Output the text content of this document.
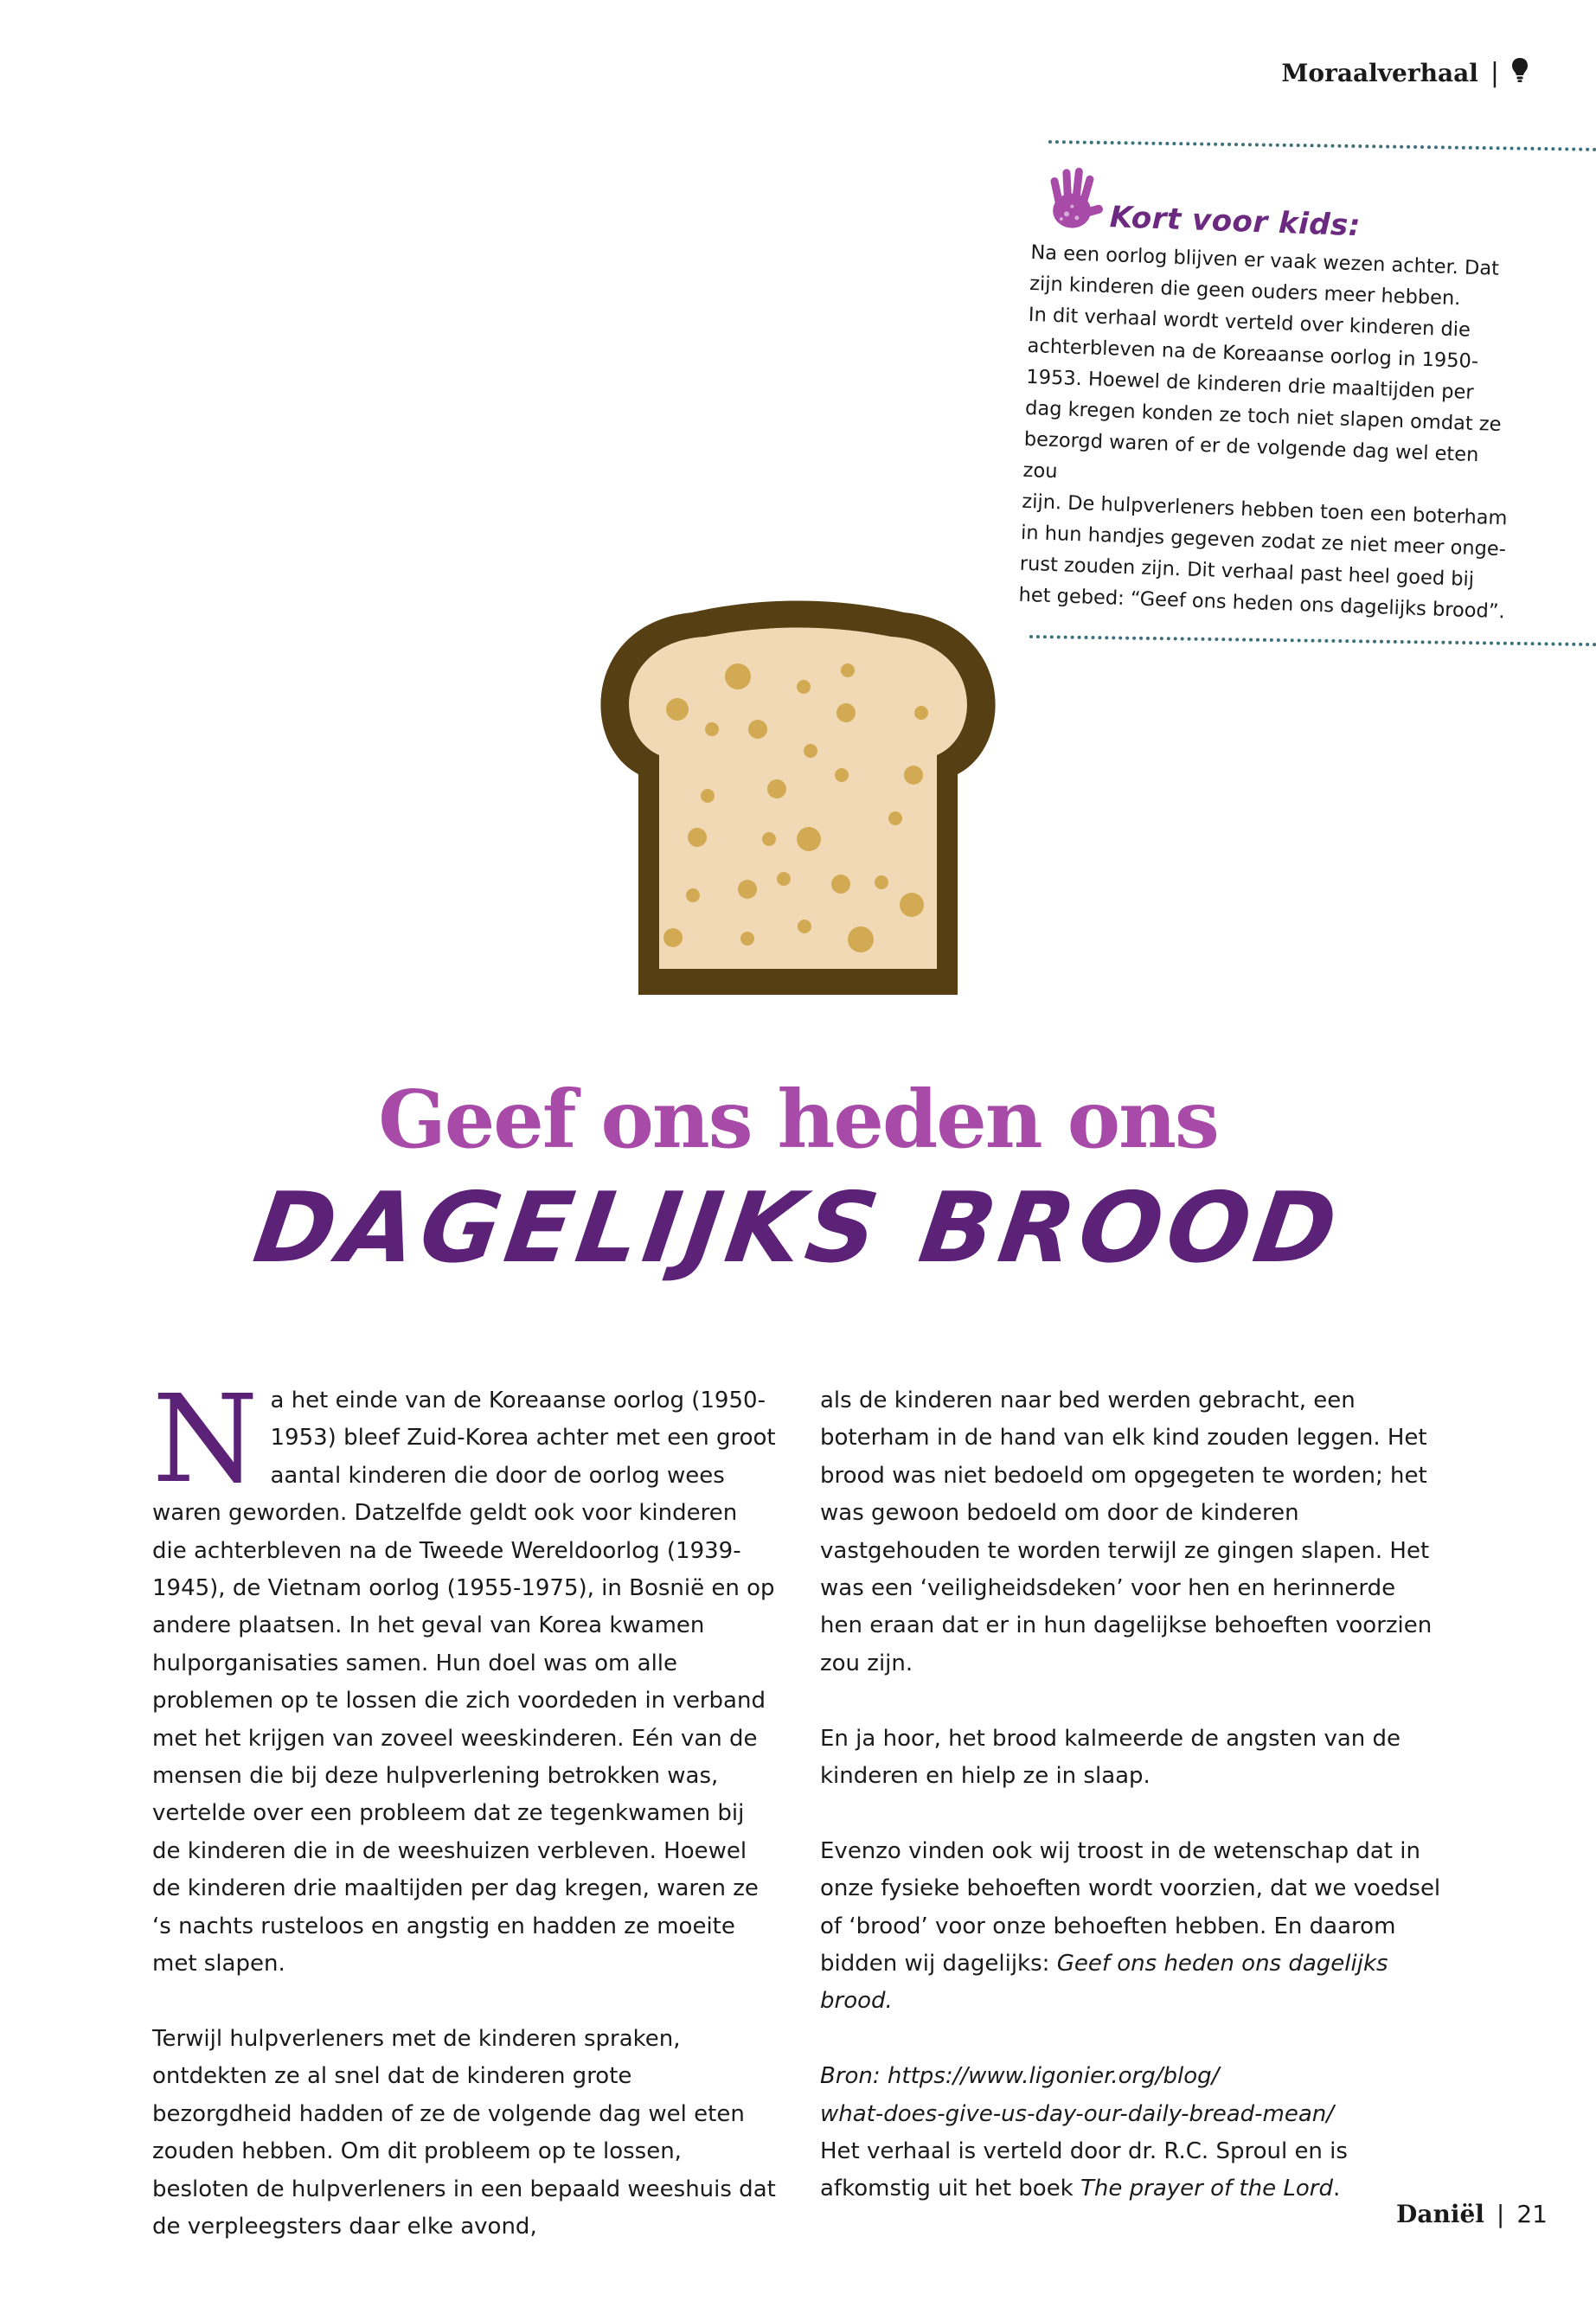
Moraalverhaal |
Kort voor kids:
Na een oorlog blijven er vaak wezen achter. Dat
zijn kinderen die geen ouders meer hebben.
In dit verhaal wordt verteld over kinderen die
achterbleven na de Koreaanse oorlog in 1950-
1953. Hoewel de kinderen drie maaltijden per
dag kregen konden ze toch niet slapen omdat ze
bezorgd waren of er de volgende dag wel eten zou
zijn. De hulpverleners hebben toen een boterham
in hun handjes gegeven zodat ze niet meer onge-
rust zouden zijn. Dit verhaal past heel goed bij
het gebed: “Geef ons heden ons dagelijks brood”.
Geef ons heden ons
DAGELIJKS BROOD

Na het einde van de Koreaanse oorlog (1950-1953) bleef Zuid-Korea achter met een groot aantal kinderen die door de oorlog wees waren geworden. Datzelfde geldt ook voor kinderen die achterbleven na de Tweede Wereldoorlog (1939-1945), de Vietnam oorlog (1955-1975), in Bosnië en op andere plaatsen. In het geval van Korea kwamen hulporganisaties samen. Hun doel was om alle problemen op te lossen die zich voordeden in verband met het krijgen van zoveel weeskinderen. Eén van de mensen die bij deze hulpverlening betrokken was, vertelde over een probleem dat ze tegenkwamen bij de kinderen die in de weeshuizen verbleven. Hoewel de kinderen drie maaltijden per dag kregen, waren ze ‘s nachts rusteloos en angstig en hadden ze moeite met slapen.

Terwijl hulpverleners met de kinderen spraken, ontdekten ze al snel dat de kinderen grote bezorgdheid hadden of ze de volgende dag wel eten zouden hebben. Om dit probleem op te lossen, besloten de hulpverleners in een bepaald weeshuis dat de verpleegsters daar elke avond,

als de kinderen naar bed werden gebracht, een boterham in de hand van elk kind zouden leggen. Het brood was niet bedoeld om opgegeten te worden; het was gewoon bedoeld om door de kinderen vastgehouden te worden terwijl ze gingen slapen. Het was een ‘veiligheidsdeken’ voor hen en herinnerde hen eraan dat er in hun dagelijkse behoeften voorzien zou zijn.

En ja hoor, het brood kalmeerde de angsten van de kinderen en hielp ze in slaap.

Evenzo vinden ook wij troost in de wetenschap dat in onze fysieke behoeften wordt voorzien, dat we voedsel of ‘brood’ voor onze behoeften hebben. En daarom bidden wij dagelijks: Geef ons heden ons dagelijks brood.

Bron: https://www.ligonier.org/blog/
what-does-give-us-day-our-daily-bread-mean/
Het verhaal is verteld door dr. R.C. Sproul en is afkomstig uit het boek The prayer of the Lord.

Daniël | 21
